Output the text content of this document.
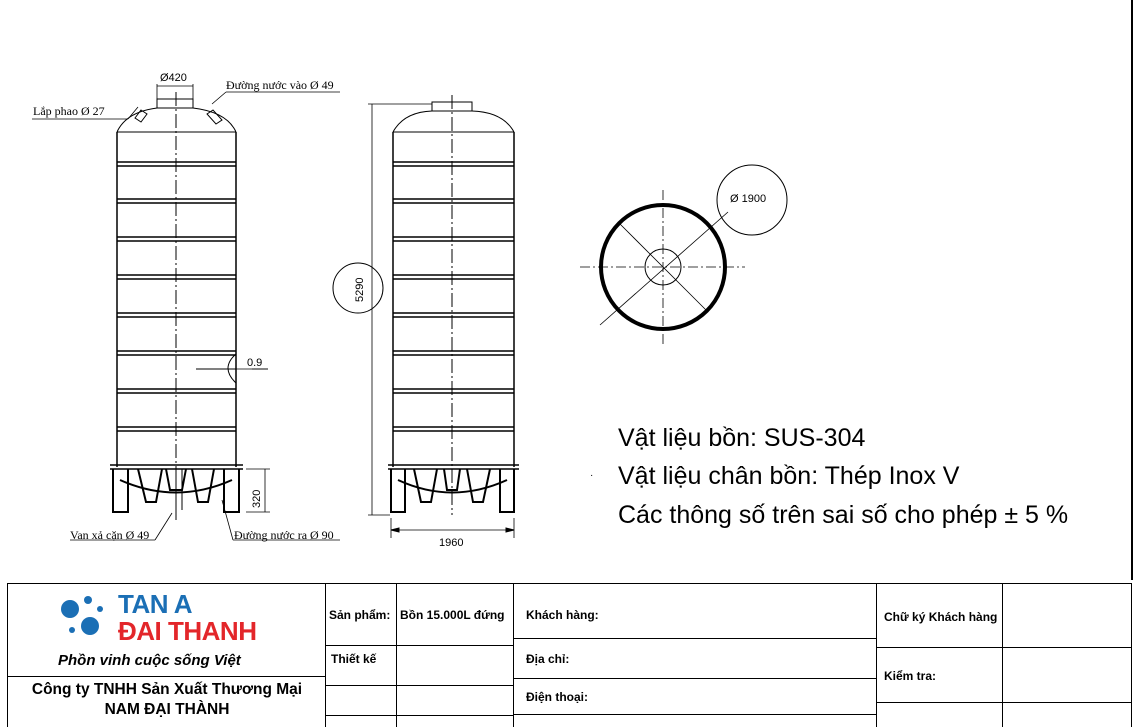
Ø420
Lắp phao Ø 27
Đường nước vào Ø 49
0.9
320
Van xả cặn Ø 49	Đường nước ra Ø 90
5290
1960
Ø 1900
Vật liệu bồn: SUS-304
· Vật liệu chân bồn: Thép Inox V
Các thông số trên sai số cho phép ± 5 %
TAN A
ĐAI THANH
Phồn vinh cuộc sống Việt
Công ty TNHH Sản Xuất Thương Mại
NAM ĐẠI THÀNH
Sản phẩm: Bồn 15.000L đứng
Thiết kế
Khách hàng:
Địa chỉ:
Điện thoại:
Chữ ký Khách hàng
Kiểm tra:
